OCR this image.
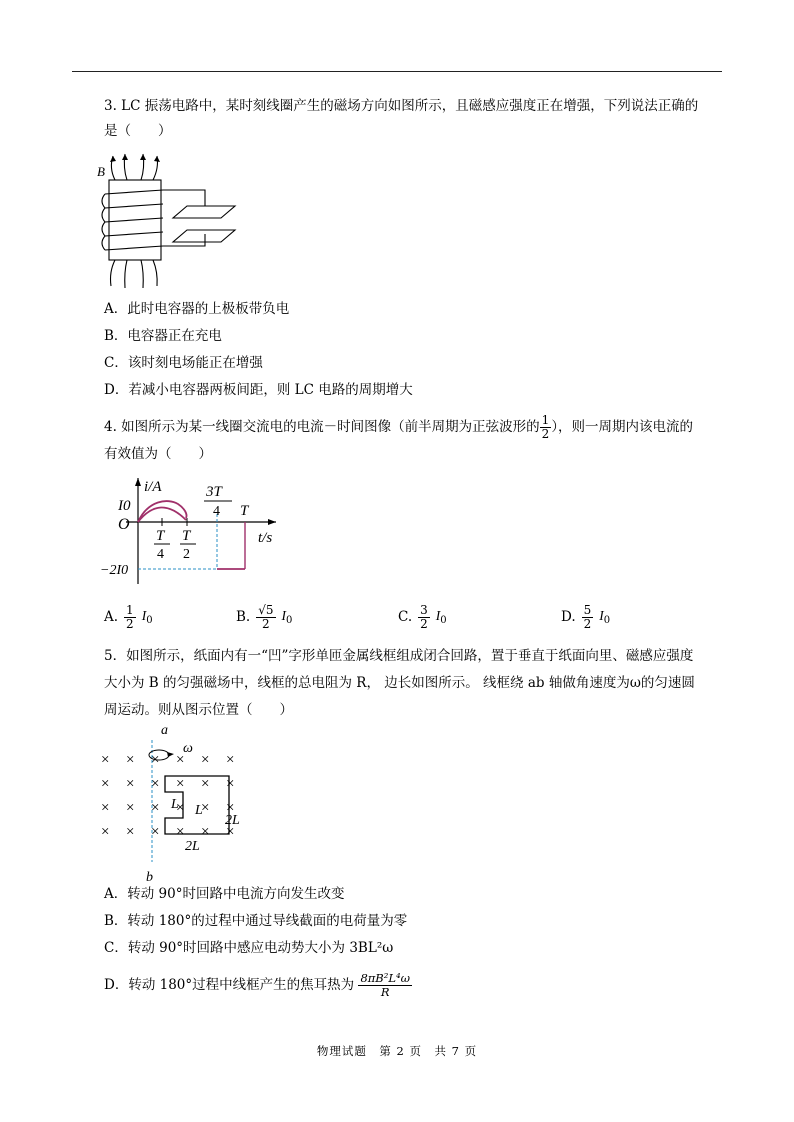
3. LC 振荡电路中，某时刻线圈产生的磁场方向如图所示，且磁感应强度正在增强，下列说法正确的
是（　　）
B
A．此时电容器的上极板带负电
B．电容器正在充电
C．该时刻电场能正在增强
D．若减小电容器两板间距，则 LC 电路的周期增大
4. 如图所示为某一线圈交流电的电流－时间图像（前半周期为正弦波形的 $\frac{1}{2}$ ），则一周期内该电流的
有效值为（　　）
i/A
I0
O
−2I0
t/s
T
3T
4
T
4
T
2
A. $\frac{1}{2} I_0$	B. $\frac{√5}{2} I_0$	C. $\frac{3}{2} I_0$	D. $\frac{5}{2} I_0$
5．如图所示，纸面内有一“凹”字形单匝金属线框组成闭合回路，置于垂直于纸面向里、磁感应强度
大小为 B 的匀强磁场中，线框的总电阻为 R， 边长如图所示。 线框绕 ab 轴做角速度为ω的匀速圆
周运动。则从图示位置（　　）
× × × × × ×
× × × × × ×
× × × × × ×
× × × × × ×
a
b
ω
L L
2L
2L
A．转动 90°时回路中电流方向发生改变
B．转动 180°的过程中通过导线截面的电荷量为零
C．转动 90°时回路中感应电动势大小为 3BL²ω
D．转动 180°过程中线框产生的焦耳热为 $\frac{\text{8πB²L⁴ω}}{R}$
物理试题　第 2 页　共 7 页
